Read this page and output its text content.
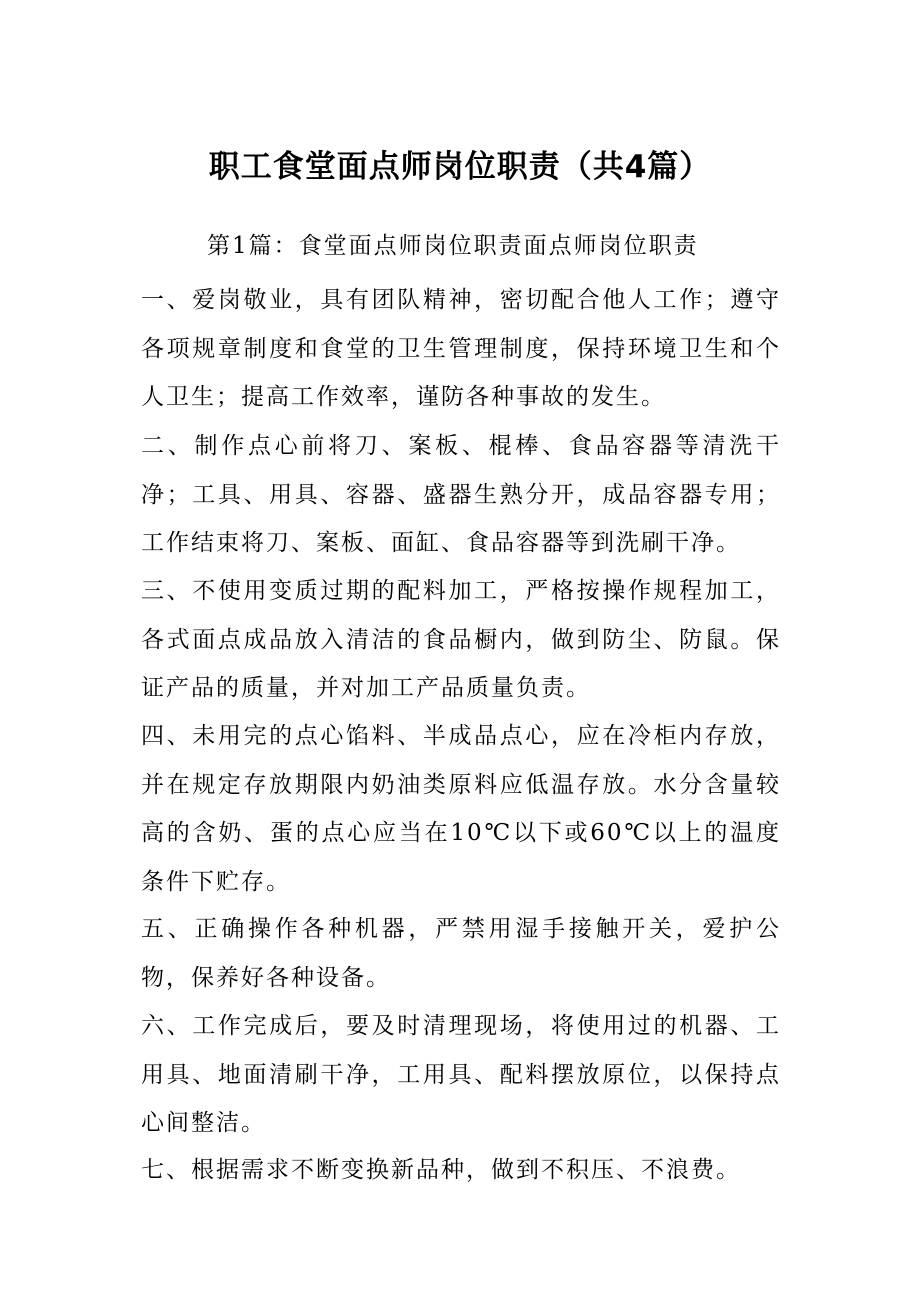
职工食堂面点师岗位职责（共4篇）

第1篇：食堂面点师岗位职责面点师岗位职责

一、爱岗敬业，具有团队精神，密切配合他人工作；遵守各项规章制度和食堂的卫生管理制度，保持环境卫生和个人卫生；提高工作效率，谨防各种事故的发生。

二、制作点心前将刀、案板、棍棒、食品容器等清洗干净；工具、用具、容器、盛器生熟分开，成品容器专用；工作结束将刀、案板、面缸、食品容器等到洗刷干净。

三、不使用变质过期的配料加工，严格按操作规程加工，各式面点成品放入清洁的食品橱内，做到防尘、防鼠。保证产品的质量，并对加工产品质量负责。

四、未用完的点心馅料、半成品点心，应在冷柜内存放，并在规定存放期限内奶油类原料应低温存放。水分含量较高的含奶、蛋的点心应当在10℃以下或60℃以上的温度条件下贮存。

五、正确操作各种机器，严禁用湿手接触开关，爱护公物，保养好各种设备。

六、工作完成后，要及时清理现场，将使用过的机器、工用具、地面清刷干净，工用具、配料摆放原位，以保持点心间整洁。

七、根据需求不断变换新品种，做到不积压、不浪费。
